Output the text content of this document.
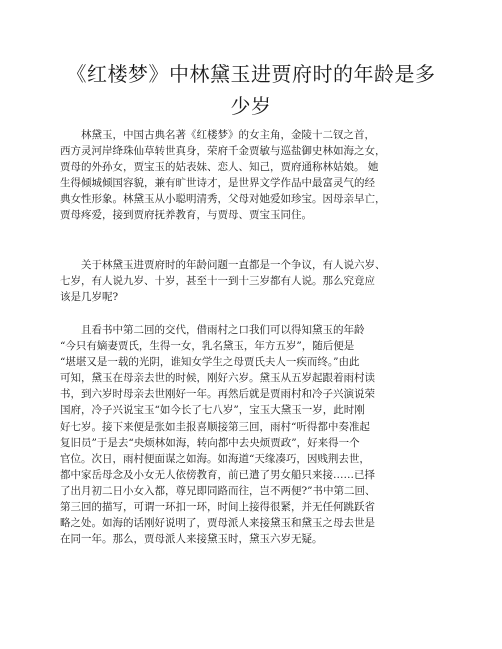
《红楼梦》中林黛玉进贾府时的年龄是多
少岁
　　林黛玉，中国古典名著《红楼梦》的女主角，金陵十二钗之首，
西方灵河岸绛珠仙草转世真身，荣府千金贾敏与巡盐御史林如海之女，
贾母的外孙女，贾宝玉的姑表妹、恋人、知己，贾府通称林姑娘。 她
生得倾城倾国容貌，兼有旷世诗才，是世界文学作品中最富灵气的经
典女性形象。林黛玉从小聪明清秀，父母对她爱如珍宝。因母亲早亡，
贾母疼爱，接到贾府抚养教育，与贾母、贾宝玉同住。
　　关于林黛玉进贾府时的年龄问题一直都是一个争议，有人说六岁、
七岁，有人说九岁、十岁，甚至十一到十三岁都有人说。那么究竟应
该是几岁呢?
　　且看书中第二回的交代，借雨村之口我们可以得知黛玉的年龄
“今只有嫡妻贾氏，生得一女，乳名黛玉，年方五岁”，随后便是
“堪堪又是一载的光阴，谁知女学生之母贾氏夫人一疾而终。”由此
可知，黛玉在母亲去世的时候，刚好六岁。黛玉从五岁起跟着雨村读
书，到六岁时母亲去世刚好一年。再然后就是贾雨村和冷子兴演说荣
国府，冷子兴说宝玉“如今长了七八岁”，宝玉大黛玉一岁，此时刚
好七岁。接下来便是张如圭报喜顺接第三回，雨村“听得都中奏准起
复旧员”于是去“央烦林如海，转向都中去央烦贾政”，好来得一个
官位。次日，雨村便面谋之如海。如海道“天缘凑巧，因贱荆去世，
都中家岳母念及小女无人依傍教育，前已遣了男女船只来接……已择
了出月初二日小女入都，尊兄即同路而往，岂不两便?”书中第二回、
第三回的描写，可谓一环扣一环，时间上接得很紧，并无任何跳跃省
略之处。如海的话刚好说明了，贾母派人来接黛玉和黛玉之母去世是
在同一年。那么，贾母派人来接黛玉时，黛玉六岁无疑。
